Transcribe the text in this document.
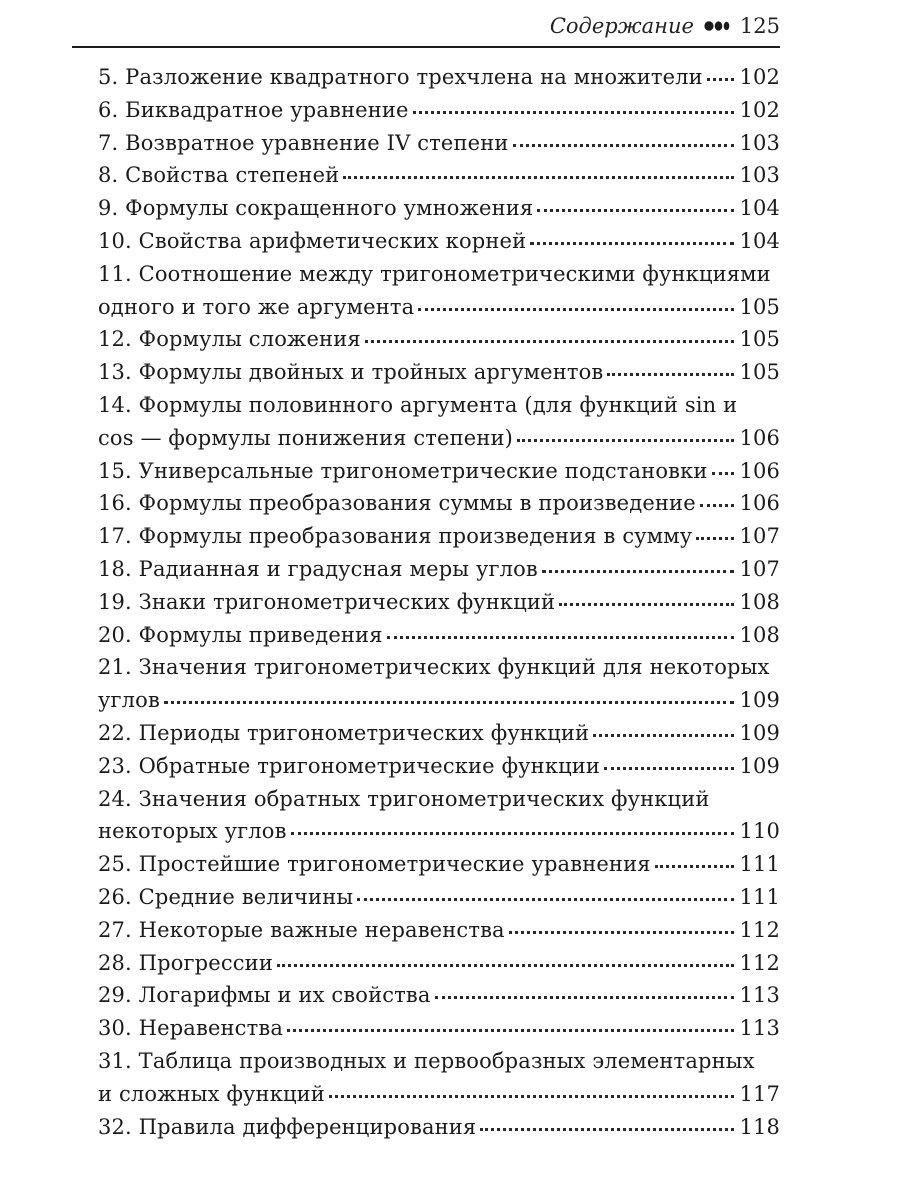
Содержание 125
5. Разложение квадратного трехчлена на множители 102
6. Биквадратное уравнение	102
7. Возвратное уравнение IV степени	103
8. Свойства степеней	103
9. Формулы сокращенного умножения	104
10. Свойства арифметических корней	104
11. Соотношение между тригонометрическими функциями
одного и того же аргумента	105
12. Формулы сложения	105
13. Формулы двойных и тройных аргументов	105
14. Формулы половинного аргумента (для функций sin и
cos — формулы понижения степени)	106
15. Универсальные тригонометрические подстановки 106
16. Формулы преобразования суммы в произведение 106
17. Формулы преобразования произведения в сумму 107
18. Радианная и градусная меры углов	107
19. Знаки тригонометрических функций	108
20. Формулы приведения	108
21. Значения тригонометрических функций для некоторых
углов	109
22. Периоды тригонометрических функций	109
23. Обратные тригонометрические функции	109
24. Значения обратных тригонометрических функций
некоторых углов	110
25. Простейшие тригонометрические уравнения	111
26. Средние величины	111
27. Некоторые важные неравенства	112
28. Прогрессии	112
29. Логарифмы и их свойства	113
30. Неравенства	113
31. Таблица производных и первообразных элементарных
и сложных функций	117
32. Правила дифференцирования	118
